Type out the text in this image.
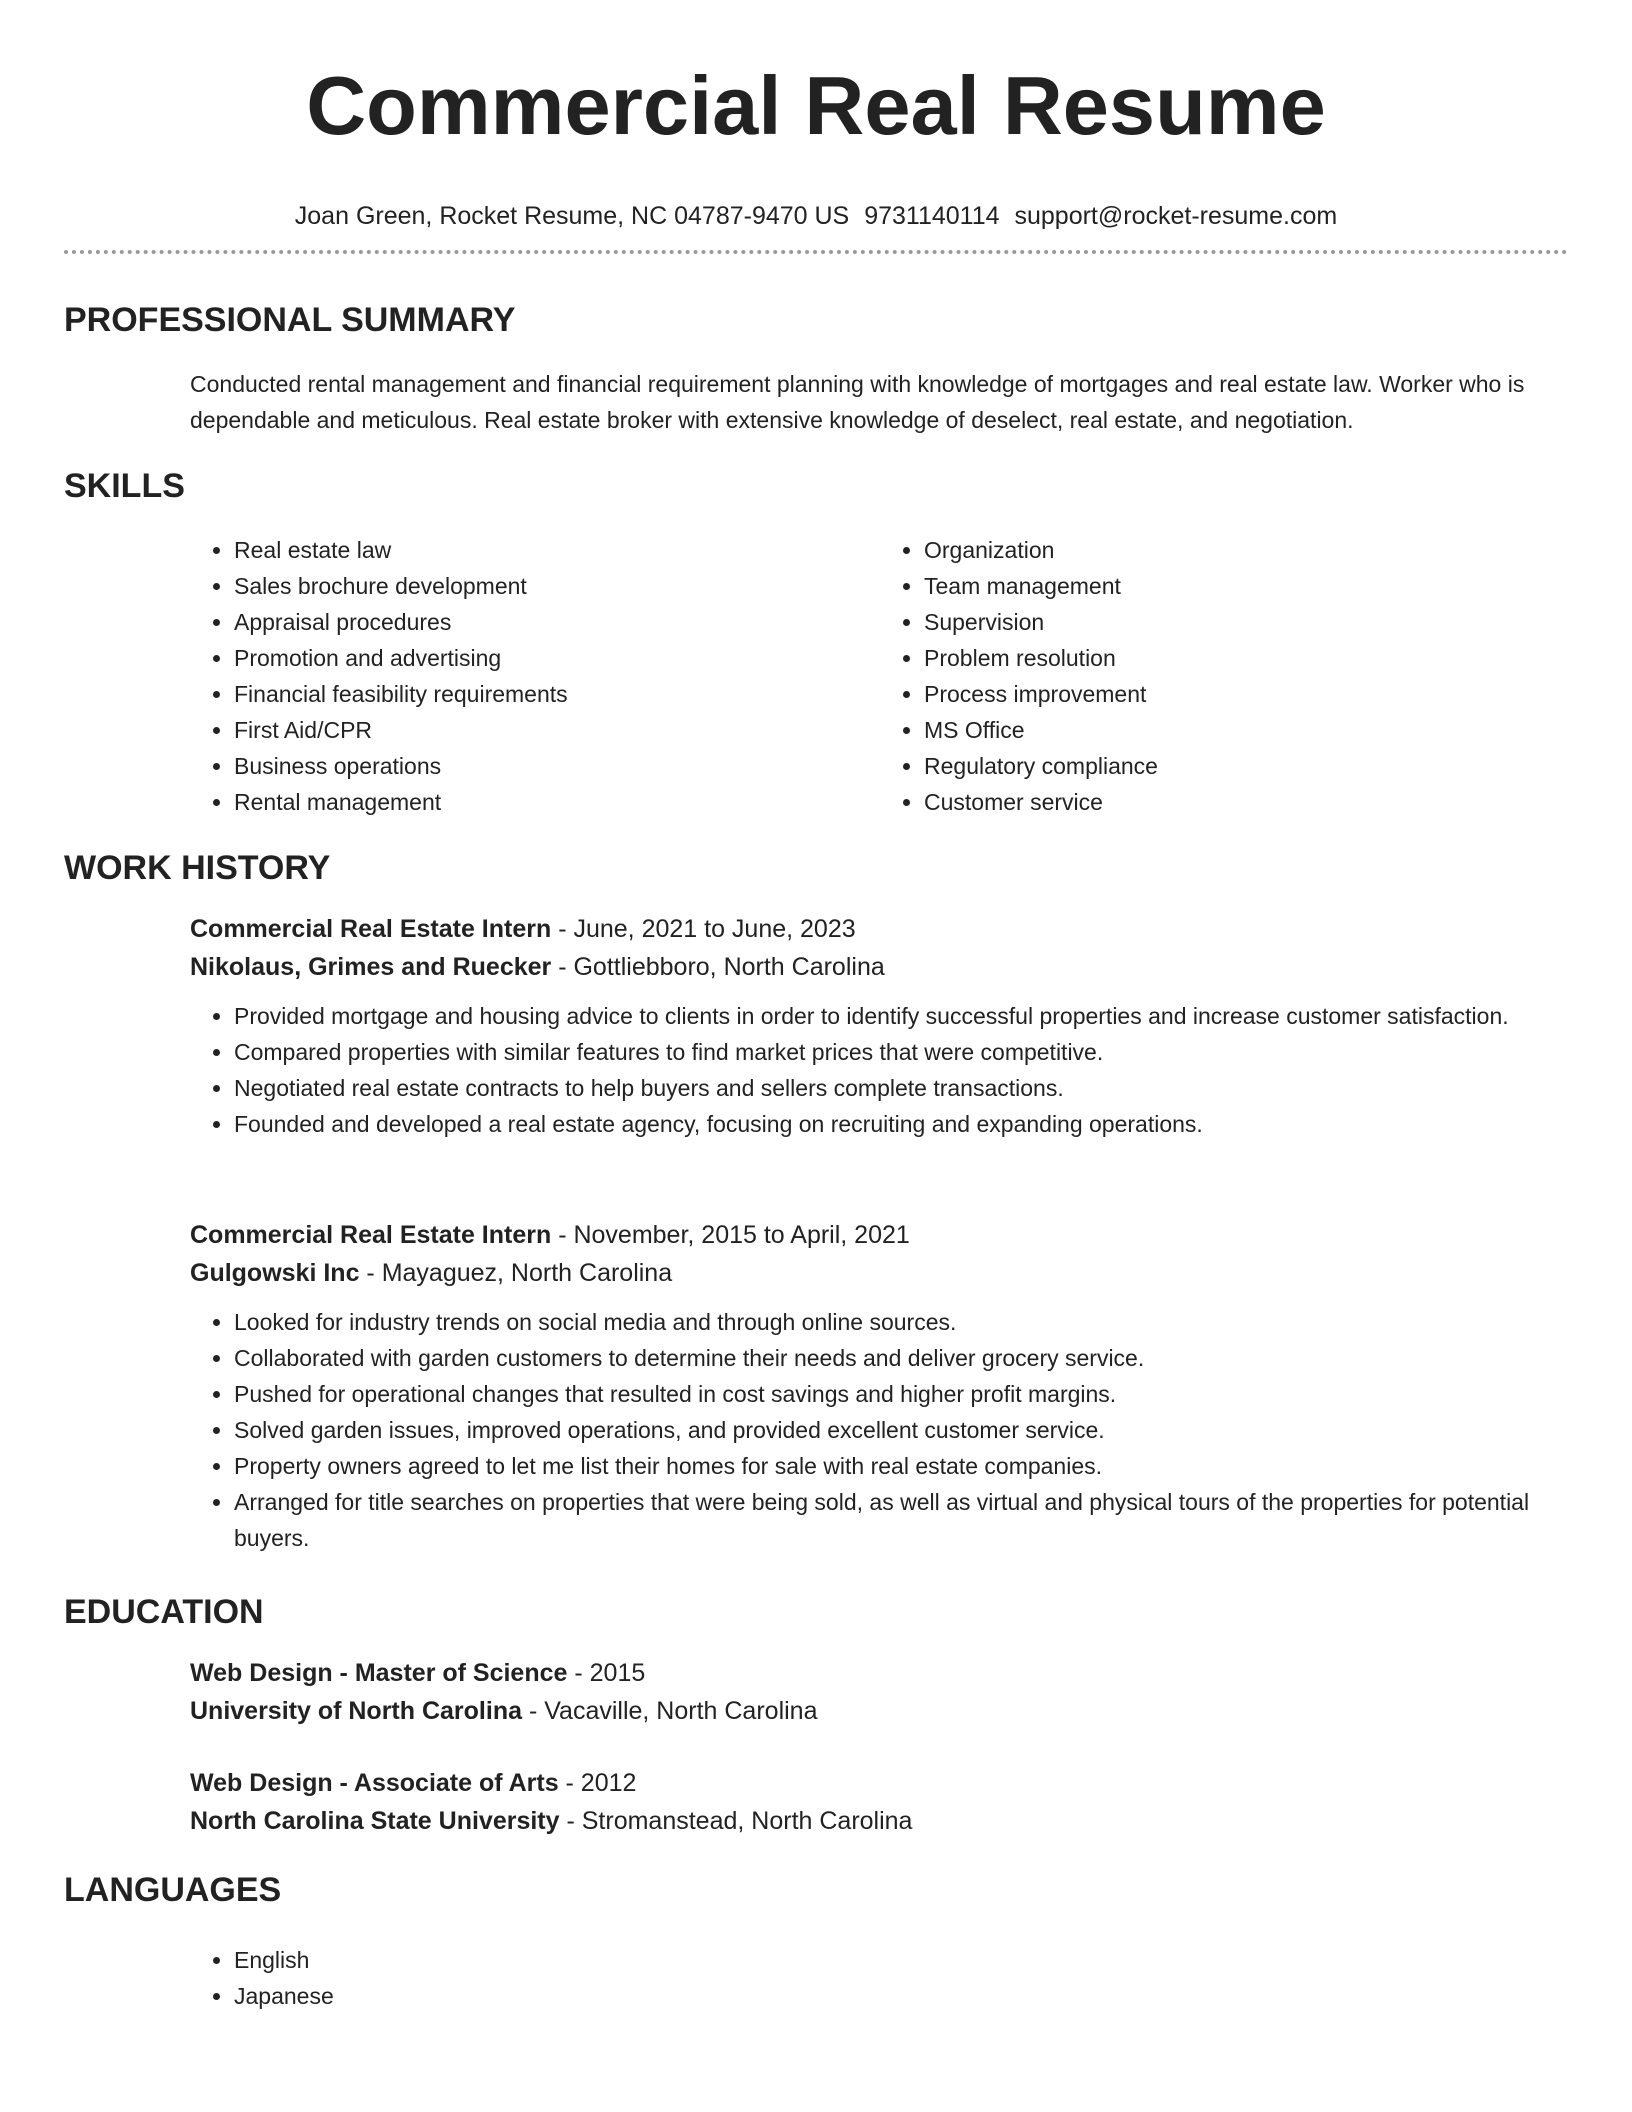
Commercial Real Resume
Joan Green, Rocket Resume, NC 04787-9470 US 9731140114 support@rocket-resume.com
PROFESSIONAL SUMMARY
Conducted rental management and financial requirement planning with knowledge of mortgages and real estate law. Worker who is dependable and meticulous. Real estate broker with extensive knowledge of deselect, real estate, and negotiation.
SKILLS
• Real estate law
• Sales brochure development
• Appraisal procedures
• Promotion and advertising
• Financial feasibility requirements
• First Aid/CPR
• Business operations
• Rental management
• Organization
• Team management
• Supervision
• Problem resolution
• Process improvement
• MS Office
• Regulatory compliance
• Customer service
WORK HISTORY
Commercial Real Estate Intern - June, 2021 to June, 2023
Nikolaus, Grimes and Ruecker - Gottliebboro, North Carolina
• Provided mortgage and housing advice to clients in order to identify successful properties and increase customer satisfaction.
• Compared properties with similar features to find market prices that were competitive.
• Negotiated real estate contracts to help buyers and sellers complete transactions.
• Founded and developed a real estate agency, focusing on recruiting and expanding operations.
Commercial Real Estate Intern - November, 2015 to April, 2021
Gulgowski Inc - Mayaguez, North Carolina
• Looked for industry trends on social media and through online sources.
• Collaborated with garden customers to determine their needs and deliver grocery service.
• Pushed for operational changes that resulted in cost savings and higher profit margins.
• Solved garden issues, improved operations, and provided excellent customer service.
• Property owners agreed to let me list their homes for sale with real estate companies.
• Arranged for title searches on properties that were being sold, as well as virtual and physical tours of the properties for potential buyers.
EDUCATION
Web Design - Master of Science - 2015
University of North Carolina - Vacaville, North Carolina
Web Design - Associate of Arts - 2012
North Carolina State University - Stromanstead, North Carolina
LANGUAGES
• English
• Japanese
